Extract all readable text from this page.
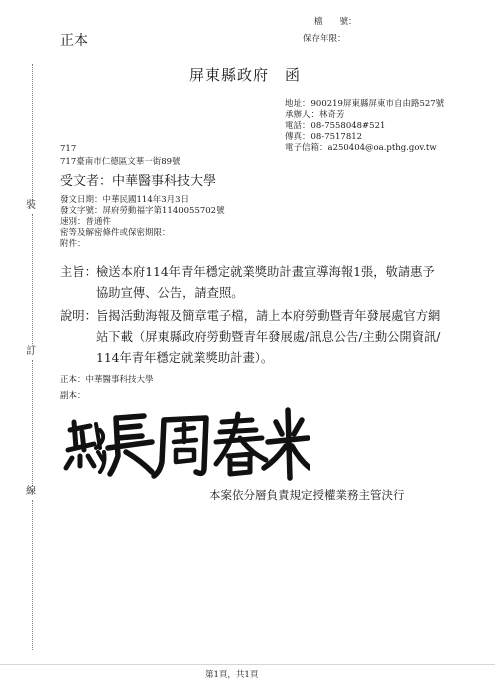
裝
訂
線
正本
檔　　號：
保存年限：
屏東縣政府　函
地址：900219屏東縣屏東市自由路527號
承辦人：林奇芳
電話：08-7558048#521
傳真：08-7517812
電子信箱：a250404@oa.pthg.gov.tw
717
717臺南市仁德區文華一街89號
受文者：中華醫事科技大學
發文日期：中華民國114年3月3日
發文字號：屏府勞動福字第1140055702號
速別：普通件
密等及解密條件或保密期限：
附件：
主旨： 檢送本府114年青年穩定就業獎助計畫宣導海報1張，敬請惠予協助宣傳、公告，請查照。
說明： 旨揭活動海報及簡章電子檔，請上本府勞動暨青年發展處官方網站下載（屏東縣政府勞動暨青年發展處/訊息公告/主動公開資訊/114年青年穩定就業獎助計畫）。
正本：中華醫事科技大學
副本：
本案依分層負責規定授權業務主管決行
第1頁，共1頁
